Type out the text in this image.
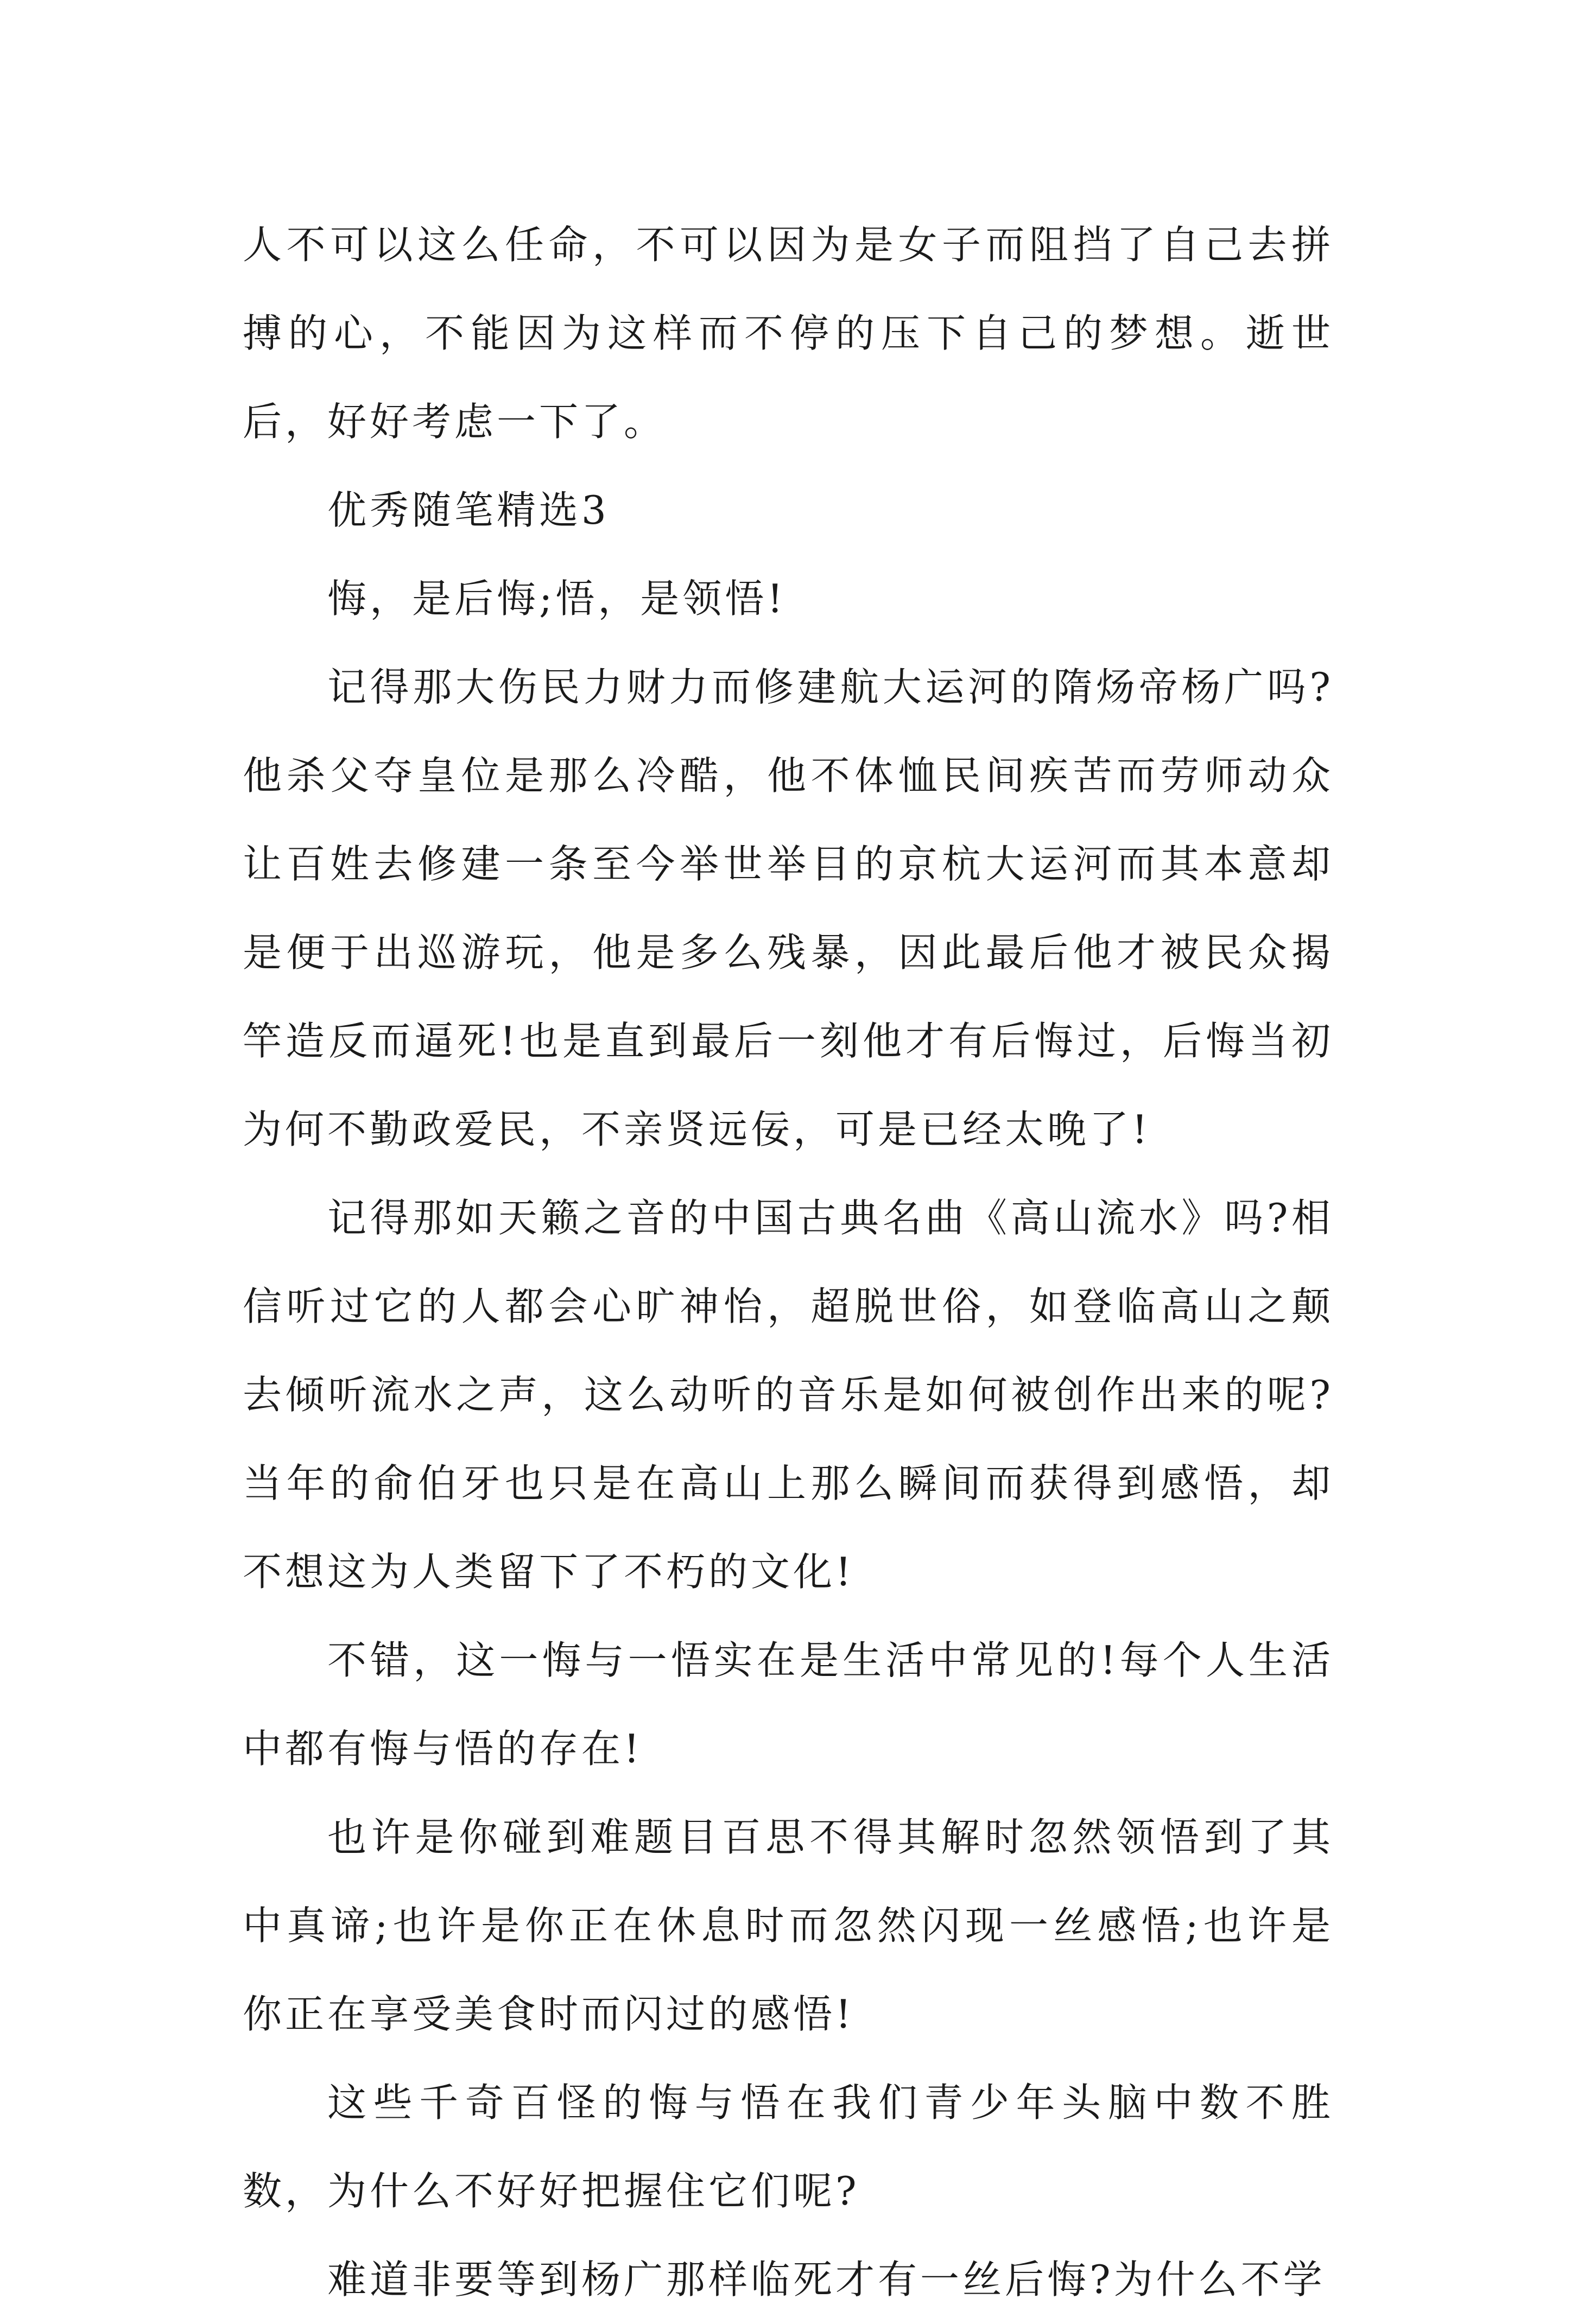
人不可以这么任命，不可以因为是女子而阻挡了自己去拼搏的心，不能因为这样而不停的压下自己的梦想。逝世后，好好考虑一下了。

优秀随笔精选3

悔，是后悔;悟，是领悟!

记得那大伤民力财力而修建航大运河的隋炀帝杨广吗?他杀父夺皇位是那么冷酷，他不体恤民间疾苦而劳师动众让百姓去修建一条至今举世举目的京杭大运河而其本意却是便于出巡游玩，他是多么残暴，因此最后他才被民众揭竿造反而逼死!也是直到最后一刻他才有后悔过，后悔当初为何不勤政爱民，不亲贤远佞，可是已经太晚了!

记得那如天籁之音的中国古典名曲《高山流水》吗?相信听过它的人都会心旷神怡，超脱世俗，如登临高山之颠去倾听流水之声，这么动听的音乐是如何被创作出来的呢?当年的俞伯牙也只是在高山上那么瞬间而获得到感悟，却不想这为人类留下了不朽的文化!

不错，这一悔与一悟实在是生活中常见的!每个人生活中都有悔与悟的存在!

也许是你碰到难题目百思不得其解时忽然领悟到了其中真谛;也许是你正在休息时而忽然闪现一丝感悟;也许是你正在享受美食时而闪过的感悟!

这些千奇百怪的悔与悟在我们青少年头脑中数不胜数，为什么不好好把握住它们呢?

难道非要等到杨广那样临死才有一丝后悔?为什么不学
